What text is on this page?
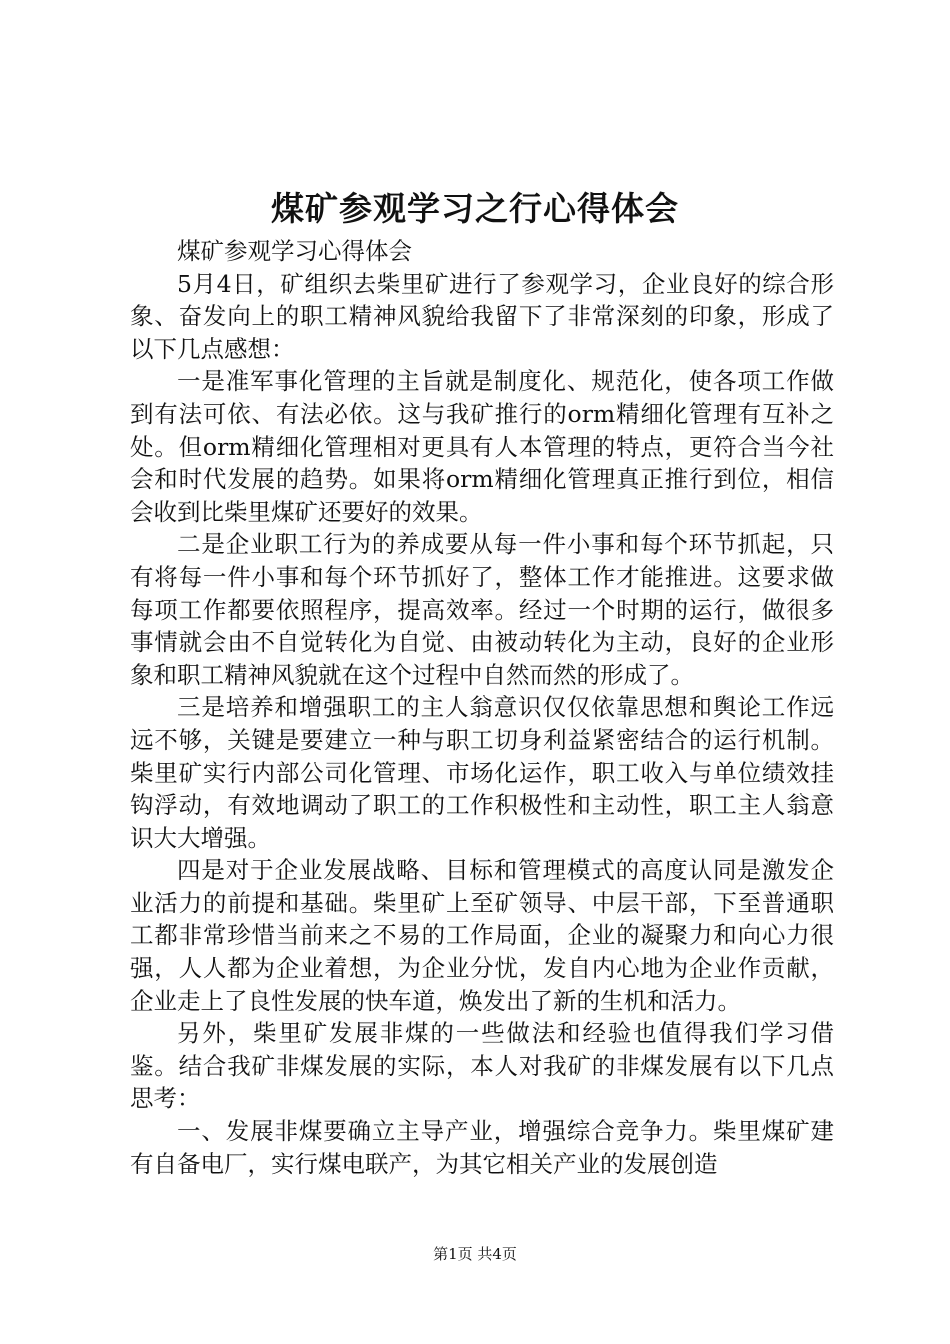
煤矿参观学习之行心得体会

煤矿参观学习心得体会

5月4日，矿组织去柴里矿进行了参观学习，企业良好的综合形象、奋发向上的职工精神风貌给我留下了非常深刻的印象，形成了以下几点感想：

一是准军事化管理的主旨就是制度化、规范化，使各项工作做到有法可依、有法必依。这与我矿推行的orm精细化管理有互补之处。但orm精细化管理相对更具有人本管理的特点，更符合当今社会和时代发展的趋势。如果将orm精细化管理真正推行到位，相信会收到比柴里煤矿还要好的效果。

二是企业职工行为的养成要从每一件小事和每个环节抓起，只有将每一件小事和每个环节抓好了，整体工作才能推进。这要求做每项工作都要依照程序，提高效率。经过一个时期的运行，做很多事情就会由不自觉转化为自觉、由被动转化为主动，良好的企业形象和职工精神风貌就在这个过程中自然而然的形成了。

三是培养和增强职工的主人翁意识仅仅依靠思想和舆论工作远远不够，关键是要建立一种与职工切身利益紧密结合的运行机制。柴里矿实行内部公司化管理、市场化运作，职工收入与单位绩效挂钩浮动，有效地调动了职工的工作积极性和主动性，职工主人翁意识大大增强。

四是对于企业发展战略、目标和管理模式的高度认同是激发企业活力的前提和基础。柴里矿上至矿领导、中层干部，下至普通职工都非常珍惜当前来之不易的工作局面，企业的凝聚力和向心力很强，人人都为企业着想，为企业分忧，发自内心地为企业作贡献，企业走上了良性发展的快车道，焕发出了新的生机和活力。

另外，柴里矿发展非煤的一些做法和经验也值得我们学习借鉴。结合我矿非煤发展的实际，本人对我矿的非煤发展有以下几点思考：

一、发展非煤要确立主导产业，增强综合竞争力。柴里煤矿建有自备电厂，实行煤电联产，为其它相关产业的发展创造

第1页 共4页
